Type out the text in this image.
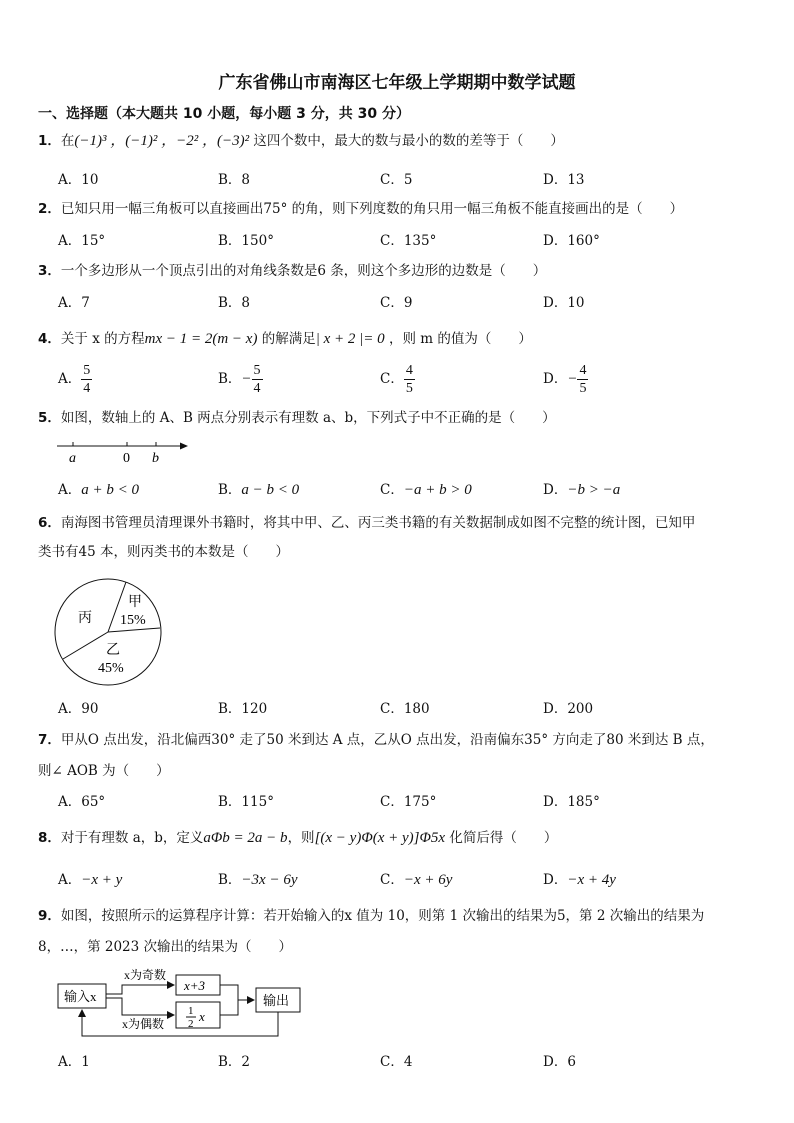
广东省佛山市南海区七年级上学期期中数学试题
一、选择题（本大题共 10 小题，每小题 3 分，共 30 分）
1．在(−1)³ ，(−1)² ，−2² ，(−3)² 这四个数中，最大的数与最小的数的差等于（　　）
A．10	B．8	C．5	D．13
2．已知只用一幅三角板可以直接画出75° 的角，则下列度数的角只用一幅三角板不能直接画出的是（　　）
A．15°	B．150°	C．135°	D．160°
3．一个多边形从一个顶点引出的对角线条数是6 条，则这个多边形的边数是（　　）
A．7	B．8	C．9	D．10
4．关于 x 的方程mx − 1 = 2(m − x) 的解满足| x + 2 |= 0 ，则 m 的值为（　　）
A． $\frac{5}{4}$	B．− $\frac{5}{4}$	C． $\frac{4}{5}$	D．− $\frac{4}{5}$
5．如图，数轴上的 A、B 两点分别表示有理数 a、b，下列式子中不正确的是（　　）
a	0 b
A．a + b < 0	B．a − b < 0	C．−a + b > 0	D．−b > −a
6．南海图书管理员清理课外书籍时，将其中甲、乙、丙三类书籍的有关数据制成如图不完整的统计图，已知甲
类书有45 本，则丙类书的本数是（　　）
丙
甲
15%
乙
45%
A．90	B．120	C．180	D．200
7．甲从O 点出发，沿北偏西30° 走了50 米到达 A 点，乙从O 点出发，沿南偏东35° 方向走了80 米到达 B 点，
则∠ AOB 为（　　）
A．65°	B．115°	C．175°	D．185°
8．对于有理数 a，b，定义aΦb = 2a − b，则[(x − y)Φ(x + y)]Φ5x 化简后得（　　）
A．−x + y	B．−3x − 6y	C．−x + 6y	D．−x + 4y
9．如图，按照所示的运算程序计算：若开始输入的x 值为 10，则第 1 次输出的结果为5，第 2 次输出的结果为
8，…，第 2023 次输出的结果为（　　）
输入x
x+3
1
2 x
输出
x为奇数
x为偶数
A．1	B．2	C．4	D．6
